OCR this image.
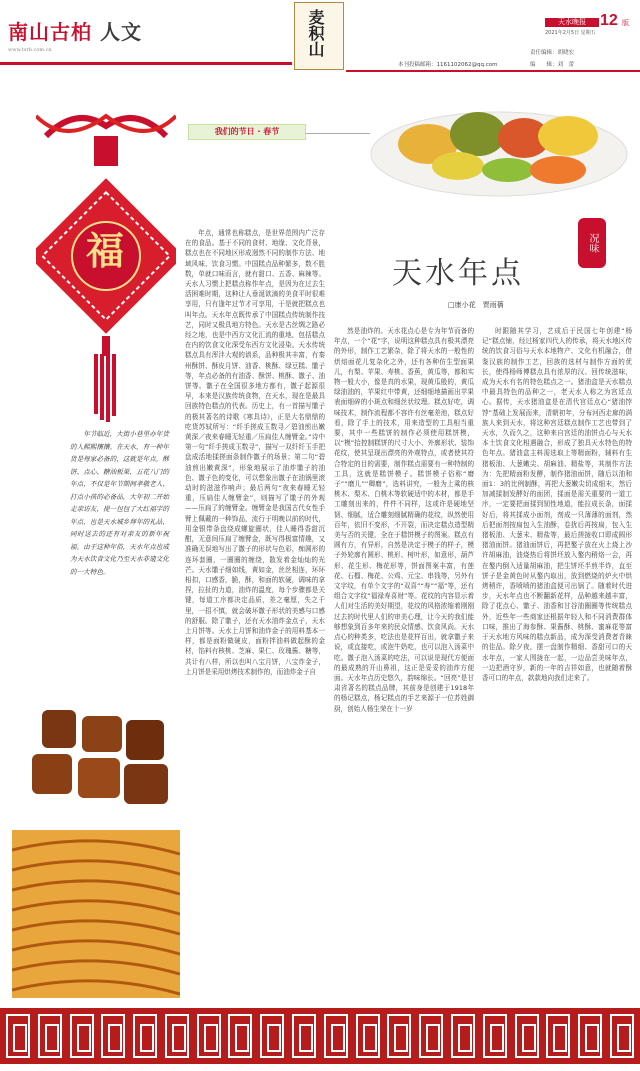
南山古柏 人文
www.tsrb.com.cn	麦积山	天水晚报 12 版
2021年2月5日 星期五
责任编辑：胡晓宏
编　　辑：刘　蕾
本刊投稿邮箱：1161102062@qq.com
福
我们的节日 · 春节
天水年点
况味
□康小花　贾雨蒨
年点，通常也称糕点，是世界范围内广泛存在的食品。基于不同的食材、地缘、文化背景，糕点也在不同地区形成迥然不同的制作方法、地域风味、饮食习惯。中国糕点品种繁多，数不胜数，单就口味而言，就有甜口、五香、麻辣等。天水人习惯上把糕点称作年点，是因为在过去生活困难时期，这种让人垂涎欲滴的美食平时很难享用，只有逢年过节才可享用，于是就把糕点也叫年点。天水年点既传承了中国糕点传统制作技艺，同时又极具地方特色。天水是古丝绸之路必经之地，也是中西方文化汇流的重地，包括糕点在内的饮食文化深受东西方文化浸染。天水传统糕点具有浑沣大观的谱系，品种极其丰富，有秦州酥饼、酥皮月饼、油香、桃酥、绿豆糕、馓子等，年点必备的有油香、酥饼、桃酥、馓子、油饼等。馓子在全国很多地方都有，馓子起源很早，本来是汉族传统食物，在天水，现在是最具回族特色糕点的代表。历史上，有一首描写馓子的极其著名的诗歌《寒具诗》，正是大名鼎鼎的吃货苏轼所写：“纤手搓成玉数寻／碧油煎出嫩黄深／夜来春睡无轻重／压扁佳人缠臂金。”诗中第一句“纤手搓成玉数寻”，描写一双纤纤玉手把盘成活地揉搓面条制作馓子的场景；第二句“碧油煎出嫩黄深”，形象地展示了油炸馓子的油色、馓子色的变化，可以想象出馓子在油锅里滚动时的滋滋作响声；最后两句“夜来春睡无轻重，压扁佳人缠臂金”，则描写了馓子的外观——压扁了的缠臂金。缠臂金是我国古代女性手臂上佩戴的一种饰品，流行于明晚以前的时代，用金银带条盘绕成螺旋圈状，佳人睡得香甜沉酣，无意间压扁了缠臂金，既写得极富情趣，又准确无误地写出了馓子的形状与色彩，痴圆形的连环套圈，一圈圈的缠绕，散发着金灿灿的光芒。天水馓子细如线，黄如金，丝丝相连，环环相扣，口感香，脆，酥，和面的软硬，调味的拿捏，拉扯的力道，油炸的温度，每个步骤都是关键，每道工序都决定品质，差之毫厘，失之千里，一招不慎，就会破坏馓子形状的美感与口感的舒服。除了馓子，还有天水油炸金点子，天水上月饼等。天水上月饼和油炸金子的用料基本一样，都是面粉做硬皮，面粉拌油料做起酥的金材，馅料有核桃、芝麻、果仁、玫瑰酱、糖等，共计有八样，所以也叫八宝月饼，八宝炸金子，上月饼是采用烘烤技术制作的，而油炸金子自
然是油炸的。天水花点心是专为年节而备的年点，一个“花”字，说明这种糕点具有极其漂亮的外形，制作工艺繁杂，除了将天水的一般性的烘焙面花儿复杂化之外，还有各种仿生型面果儿，有梨、苹果、寿桃、香蕉，黄瓜等，都和实物一般大小，像是真的水果，现黄瓜般的，黄瓜绿油油的，苹果红中带黄，还细细地描画出苹果表面细碎的小斑点和细丝状纹理。糕点好吃，调味技术，制作流程都不容许有丝毫差池，糕点好看，除了手上的技术，用来造型的工具相当重要，其中一些糕饼的制作必须使用糕饼模，以“模”拾控制糕饼的尺寸大小、外廓形状、装饰花纹，使其呈现出漂亮的外观特点，或者使其符合特定的目的需要，制作糕点需要有一种特制的工具，这就是糕饼模子。糕饼模子俗称“磨子”“磨儿”“卿磨”，选料讲究，一般为上乘的核桃木、梨木、白桃木等软硬适中的木材，都是手工雕刻出来的，件件不同样，这或许是硬地坚韧、细腻，适合雕刻细腻精确的花纹，纵然使用百年，依旧不变形，不开裂，而决定糕点造型精美与否的关键，全在于糕饼模子的图案。糕点有圆有方，有异形，自然是决定于模子的样子，模子外轮廓有圆形、桃形、树叶形，如意形，葫芦形、花生形、梅花形等，饼面图案丰富，有莲花、石榴、梅花、公鸡、元宝、串钱等，另外有文字纹，有单个文字的“双喜”“寿”“福”等，还有组合文字纹“福禄寿喜财”等。花纹的内容显示着人们对生活的美好期望，花纹的风格浓缩着刚刚过去的时代里人们的审美心理，让今天的我们能够想象到百多年来的民众情感、饮食风尚。天水点心的种类多，吃法也是花样百出，就拿馓子来说，或直接吃，或泡牛奶吃，也可以泡入汤菜中吃。馓子泡入汤菜的吃法，可以说是现代方便面的最成熟的开山鼻祖，这正是妥妥的油炸方便面。天水年点历史悠久，韵味绵长。“回亮”是甘肃省著名的糕点品牌，其前身是创建于1918年的杨记糕点，杨记糕点的手艺来源于一位苏姓御厨，创始人杨生荣在十一岁
时跟随其学习，艺成后于民国七年创建“杨记”糕点铺，经过杨家四代人的传承，将天水地区传统的饮食习俗与天水本地物产、文化有机融合，借鉴汉族的制作工艺，回族的选材与制作方面的优长，使得杨师傅糕点具有浓厚的汉、回传统滋味，成为天水有名的特色糕点之一。猪油盒是天水糕点中最具特色的品种之一，老天水人称之为宫廷点心。据传，天水猪油盒是在清代宫廷点心“猪油饽饽”基础上发展而来，清朝初年，分布河西走廊的满族人来到天水，将这种宫廷糕点制作工艺也带到了天水，久而久之，这种来自宫廷的油饼点心与天水本土饮食文化相遇融合，形成了独具天水特色的特色年点。猪油盒主料需选取上等精面粉，辅料有生猪板油、大葱嫩尖、胡麻油、精盐等，其制作方法为：先把精面粉发酵，制作猪油面饼，随后以油和面1：3的比例制酥，再把大葱嫩尖切成细末，然后加减揉制发酵好的面团，揉面是需关重要的一道工序，一定要把面揉到韧性地道，能拉成长条，面揉好后，将其揉成小面剂，剂成一只薄薄的面剂，然后把面剂按扁包入生油酥，卷扰后再按扁，包入生猪板油、大葱末、精盐等，最后搓拢收口即成圆形猪油面饼。猪油面饼后，再把鏊子放在火上烧上沙许胡麻油，油烧热后将饼坯放入鏊内稍烙一会，再在鏊内倒入适量胡麻油，把生饼坯半煎半炸，直至饼子是金黄色时从鏊内取出，放到燃烧的炉火中烘烤稍许，香喷喷的猪油盒便可出锅了。随着时代进步，天水年点也不断翻新花样，品种越来越丰富，除了花点心、馓子、油香和甘谷油圈圈等传统糕点外，近些年一些商家还根据年轻人和不同消费群体口味，推出了海参酥、果酱酥、桃酥、蜜麻花等富于天水地方风味的糕点新品，成为深受消费者青睐的佳品。除夕夜，摆一盘制作精细、香甜可口的天水年点，一家人围拢在一起，一边品尝美味年点，一边把酒守岁，新的一年的吉祥如意，也就随着酥香可口的年点，款款地向我们走来了。
年节临近，大街小巷里办年货的人熙熙攘攘。在天水，有一种年货是每家必备的，这就是年点。酥饼、点心、糖油板果、五花八门的年点，不仅是年节期间孝敬老人、打点小孩的必备品，大年初二开始走亲访友，提一包包了大红福字的年点，也是天水城乡拜年的礼品，同时送去的还有对亲友的新年祝福。由于这种年俗，天水年点也成为天水饮食文化乃至天水非遗文化的一大特色。
